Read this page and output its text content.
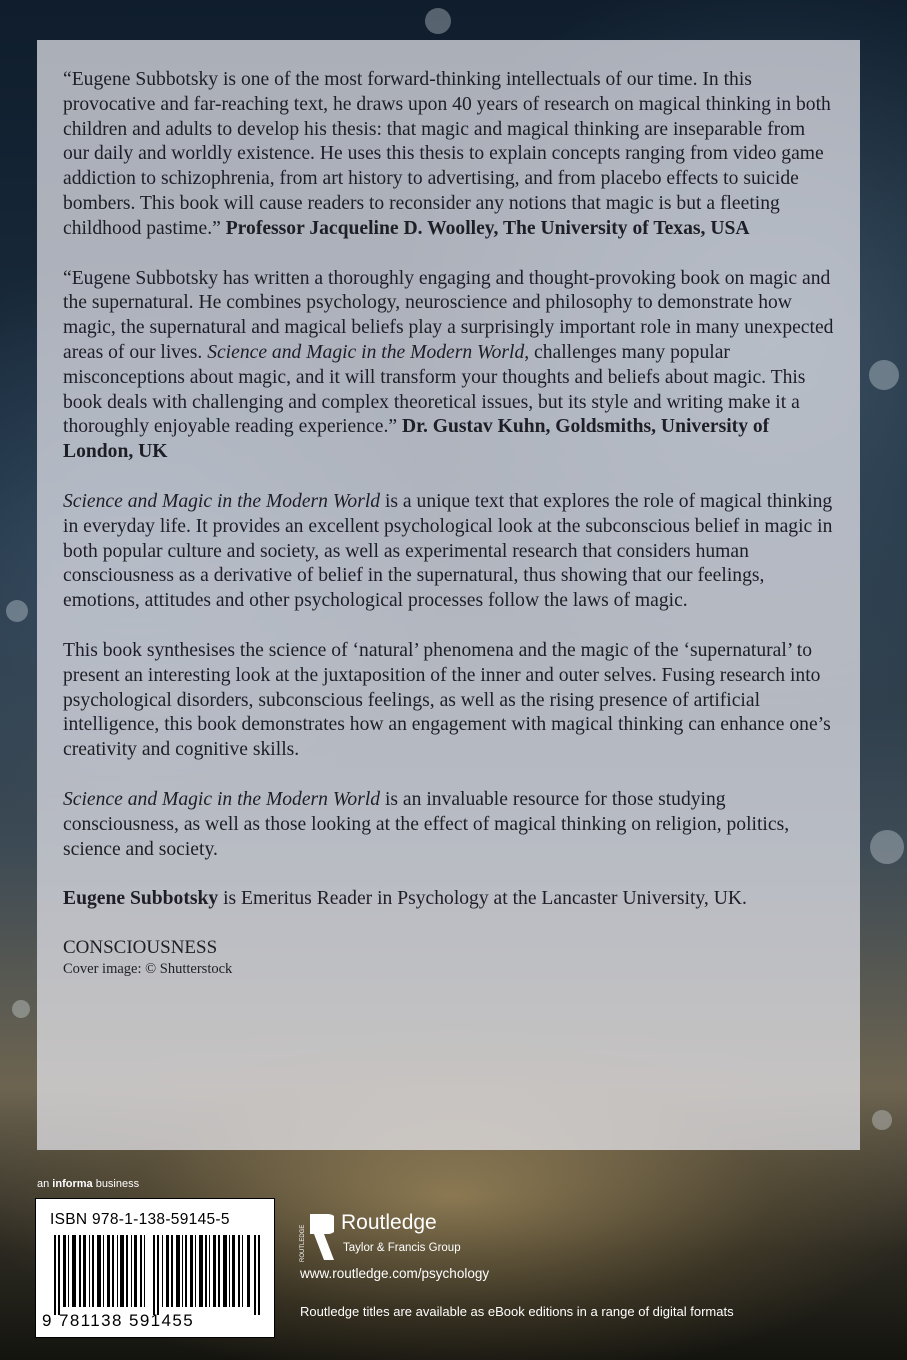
“Eugene Subbotsky is one of the most forward-thinking intellectuals of our time. In this provocative and far-reaching text, he draws upon 40 years of research on magical thinking in both children and adults to develop his thesis: that magic and magical thinking are inseparable from our daily and worldly existence. He uses this thesis to explain concepts ranging from video game addiction to schizophrenia, from art history to advertising, and from placebo effects to suicide bombers. This book will cause readers to reconsider any notions that magic is but a fleeting childhood pastime.” Professor Jacqueline D. Woolley, The University of Texas, USA

“Eugene Subbotsky has written a thoroughly engaging and thought-provoking book on magic and the supernatural. He combines psychology, neuroscience and philosophy to demonstrate how magic, the supernatural and magical beliefs play a surprisingly important role in many unexpected areas of our lives. Science and Magic in the Modern World, challenges many popular misconceptions about magic, and it will transform your thoughts and beliefs about magic. This book deals with challenging and complex theoretical issues, but its style and writing make it a thoroughly enjoyable reading experience.” Dr. Gustav Kuhn, Goldsmiths, University of London, UK

Science and Magic in the Modern World is a unique text that explores the role of magical thinking in everyday life. It provides an excellent psychological look at the subconscious belief in magic in both popular culture and society, as well as experimental research that considers human consciousness as a derivative of belief in the supernatural, thus showing that our feelings, emotions, attitudes and other psychological processes follow the laws of magic.

This book synthesises the science of ‘natural’ phenomena and the magic of the ‘supernatural’ to present an interesting look at the juxtaposition of the inner and outer selves. Fusing research into psychological disorders, subconscious feelings, as well as the rising presence of artificial intelligence, this book demonstrates how an engagement with magical thinking can enhance one’s creativity and cognitive skills.

Science and Magic in the Modern World is an invaluable resource for those studying consciousness, as well as those looking at the effect of magical thinking on religion, politics, science and society.

Eugene Subbotsky is Emeritus Reader in Psychology at the Lancaster University, UK.

CONSCIOUSNESS

Cover image: © Shutterstock

an informa business
ISBN 978-1-138-59145-5
9 781138 591455
ROUTLEDGE
Routledge
Taylor & Francis Group
www.routledge.com/psychology
Routledge titles are available as eBook editions in a range of digital formats
